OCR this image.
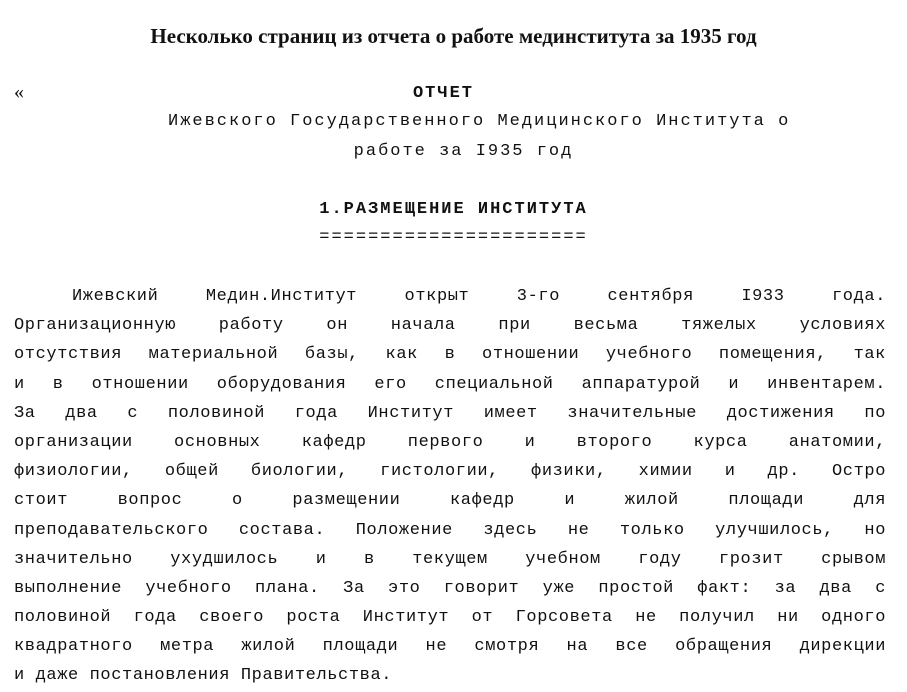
Несколько страниц из отчета о работе мединститута за 1935 год
«	ОТЧЕТ
Ижевского Государственного Медицинского Института о
работе за I935 год
1.РАЗМЕЩЕНИЕ ИНСТИТУТА
======================
Ижевский Медин.Институт открыт 3-го сентября I933 года.
Организационную работу он начала при весьма тяжелых условиях
отсутствия материальной базы, как в отношении учебного помещения, так
и в отношении оборудования его специальной аппаратурой и инвентарем.
За два с половиной года Институт имеет значительные достижения по
организации основных кафедр первого и второго курса анатомии,
физиологии, общей биологии, гистологии, физики, химии и др. Остро
стоит вопрос о размещении кафедр и жилой площади для
преподавательского состава. Положение здесь не только улучшилось, но
значительно ухудшилось и в текущем учебном году грозит срывом
выполнение учебного плана. За это говорит уже простой факт: за два с
половиной года своего роста Институт от Горсовета не получил ни одного
квадратного метра жилой площади не смотря на все обращения дирекции
и даже постановления Правительства.
